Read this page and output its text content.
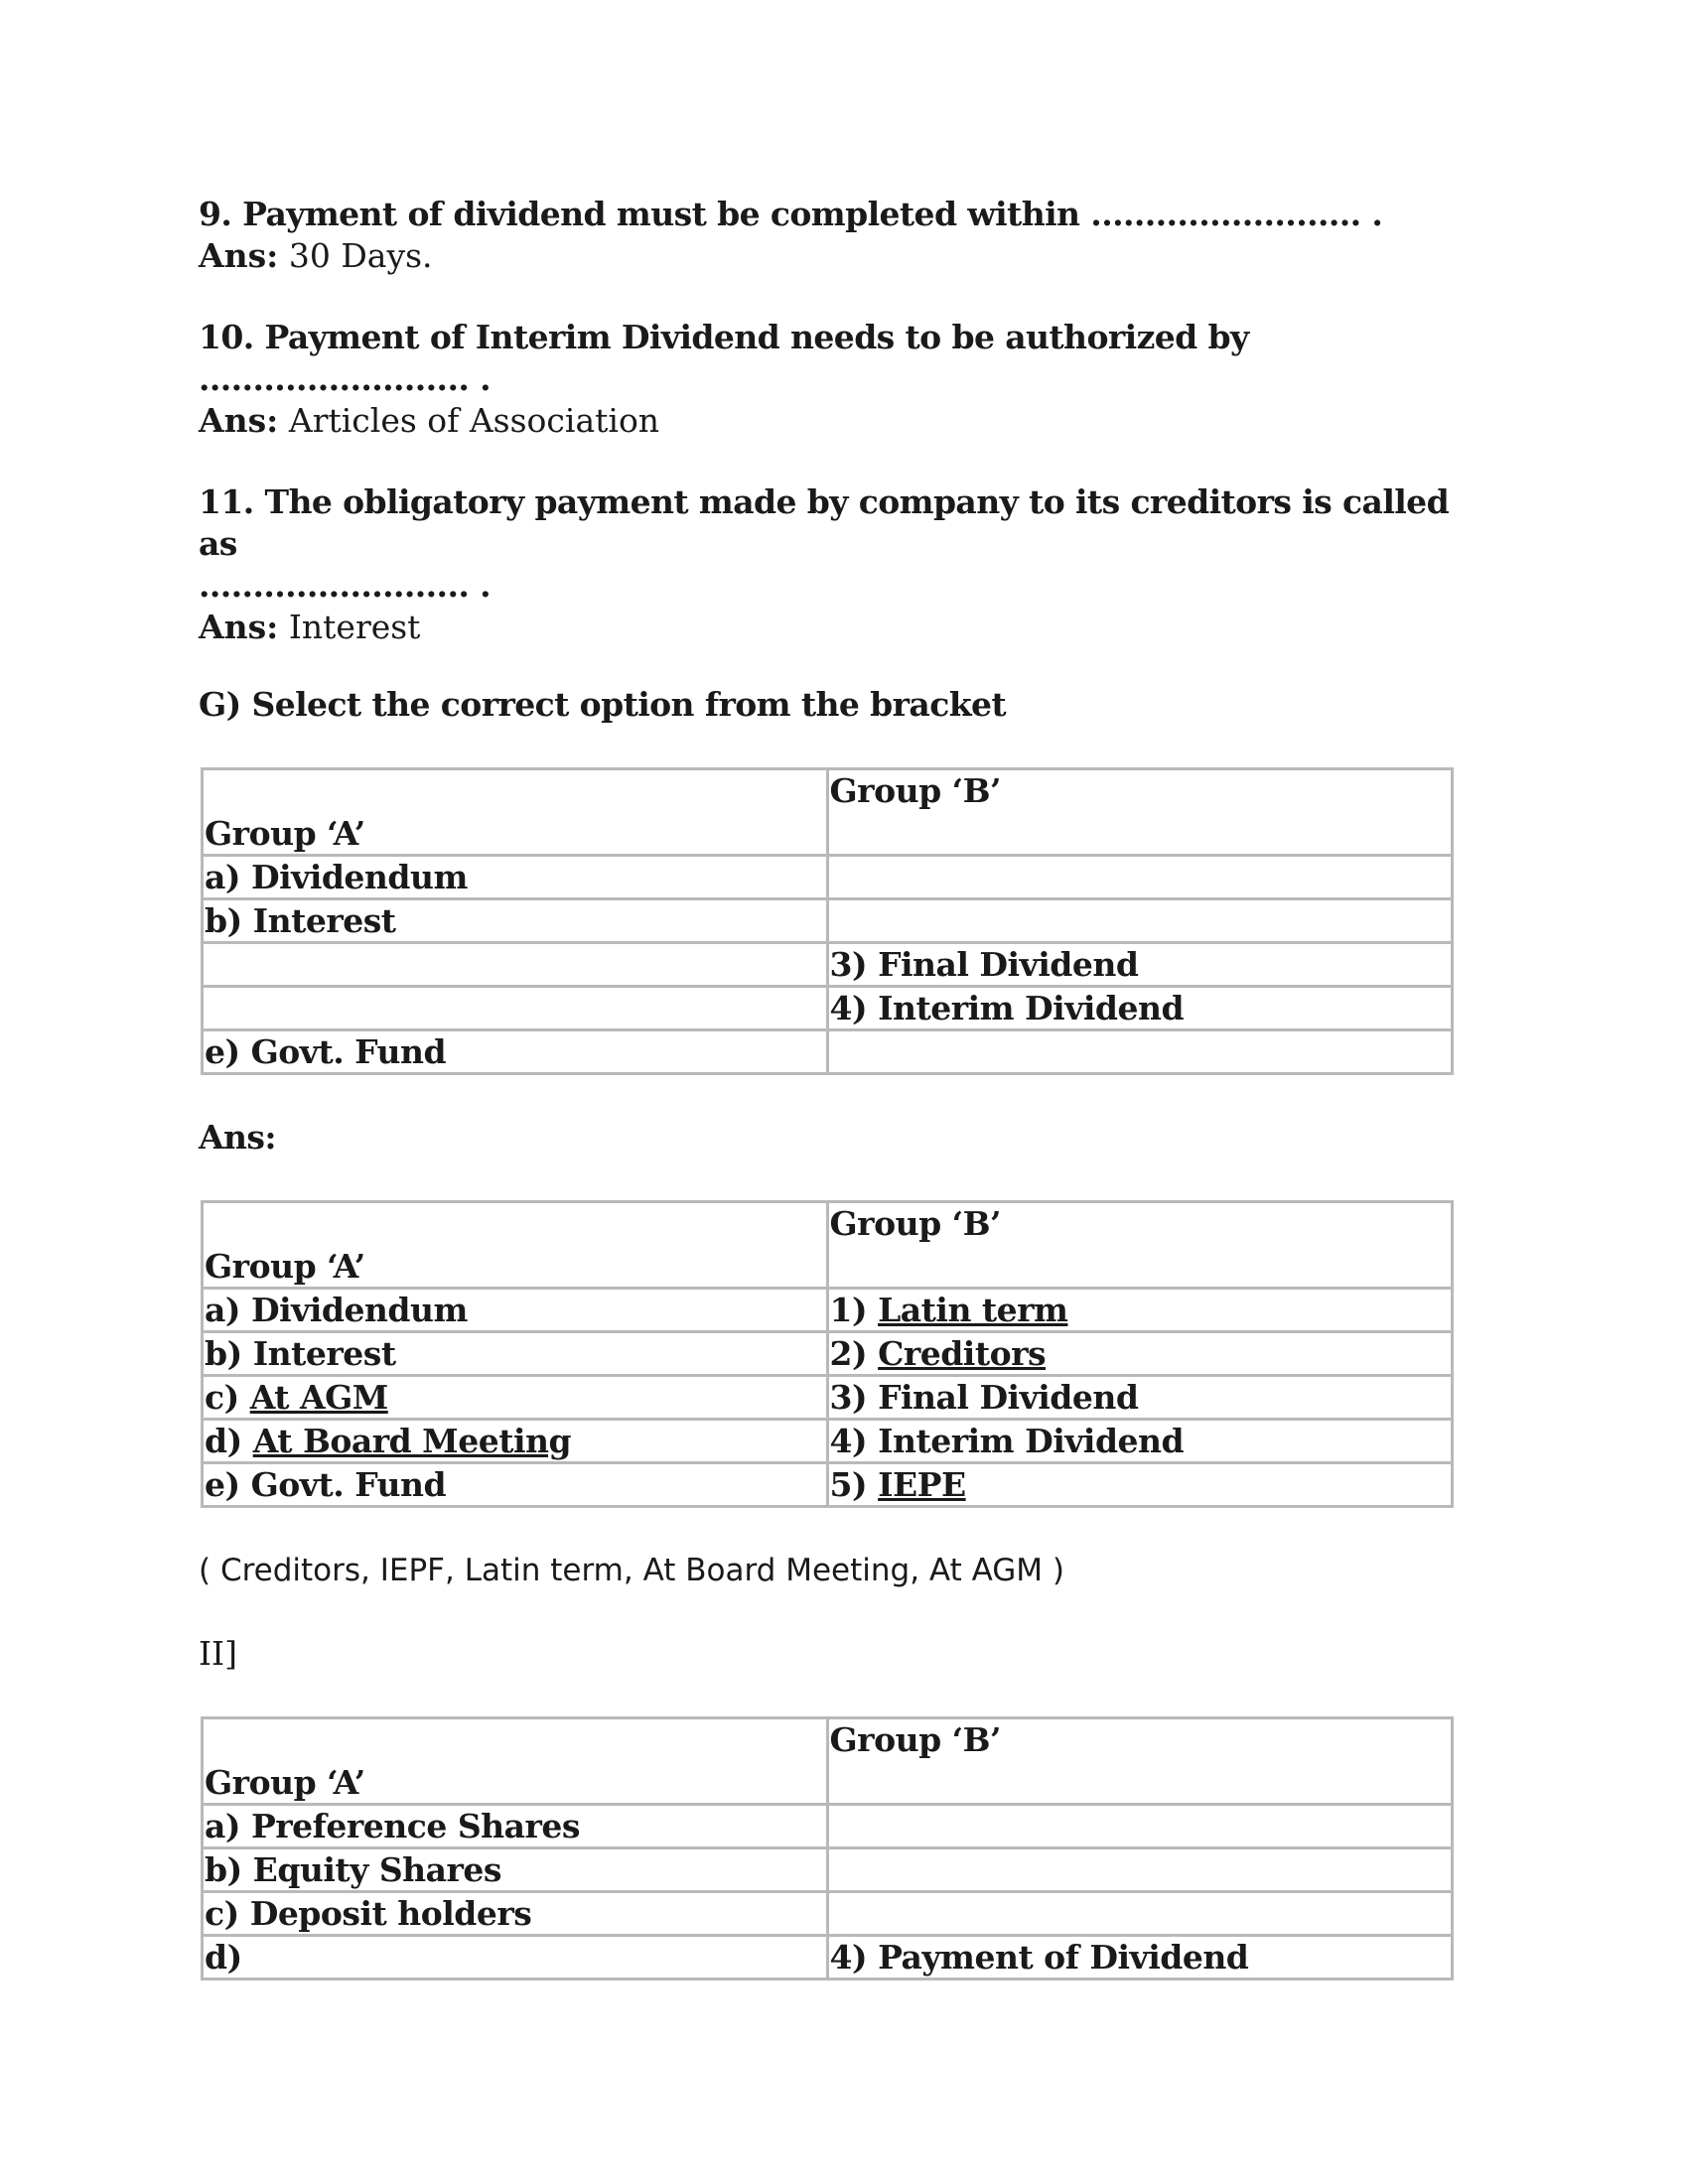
9. Payment of dividend must be completed within ......................... .

Ans: 30 Days.

10. Payment of Interim Dividend needs to be authorized by ......................... .

Ans: Articles of Association

11. The obligatory payment made by company to its creditors is called as

......................... .

Ans: Interest

G) Select the correct option from the bracket

Group ‘A’	Group ‘B’
a) Dividendum	
b) Interest	
	3) Final Dividend
	4) Interim Dividend
e) Govt. Fund	

Ans:

Group ‘A’	Group ‘B’
a) Dividendum	1) Latin term
b) Interest	2) Creditors
c) At AGM	3) Final Dividend
d) At Board Meeting	4) Interim Dividend
e) Govt. Fund	5) IEPE

( Creditors, IEPF, Latin term, At Board Meeting, At AGM )

II]

Group ‘A’	Group ‘B’
a) Preference Shares	
b) Equity Shares	
c) Deposit holders	
d)	4) Payment of Dividend
